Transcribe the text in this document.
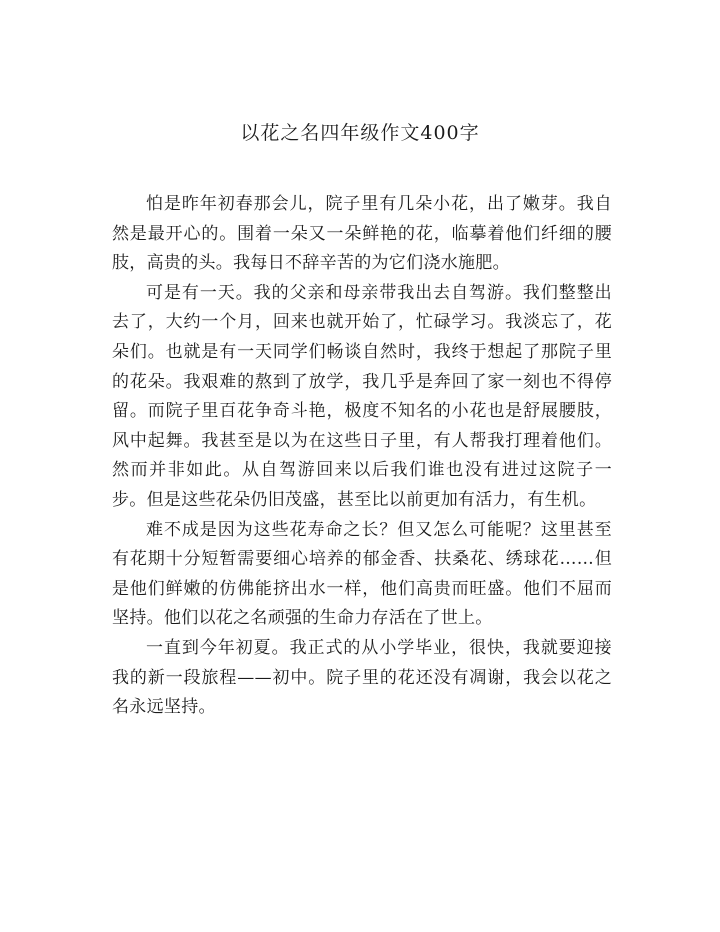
以花之名四年级作文400字

怕是昨年初春那会儿，院子里有几朵小花，出了嫩芽。我自然是最开心的。围着一朵又一朵鲜艳的花，临摹着他们纤细的腰肢，高贵的头。我每日不辞辛苦的为它们浇水施肥。

可是有一天。我的父亲和母亲带我出去自驾游。我们整整出去了，大约一个月，回来也就开始了，忙碌学习。我淡忘了，花朵们。也就是有一天同学们畅谈自然时，我终于想起了那院子里的花朵。我艰难的熬到了放学，我几乎是奔回了家一刻也不得停留。而院子里百花争奇斗艳，极度不知名的小花也是舒展腰肢，风中起舞。我甚至是以为在这些日子里，有人帮我打理着他们。然而并非如此。从自驾游回来以后我们谁也没有进过这院子一步。但是这些花朵仍旧茂盛，甚至比以前更加有活力，有生机。

难不成是因为这些花寿命之长？但又怎么可能呢？这里甚至有花期十分短暂需要细心培养的郁金香、扶桑花、绣球花……但是他们鲜嫩的仿佛能挤出水一样，他们高贵而旺盛。他们不屈而坚持。他们以花之名顽强的生命力存活在了世上。

一直到今年初夏。我正式的从小学毕业，很快，我就要迎接我的新一段旅程——初中。院子里的花还没有凋谢，我会以花之名永远坚持。
